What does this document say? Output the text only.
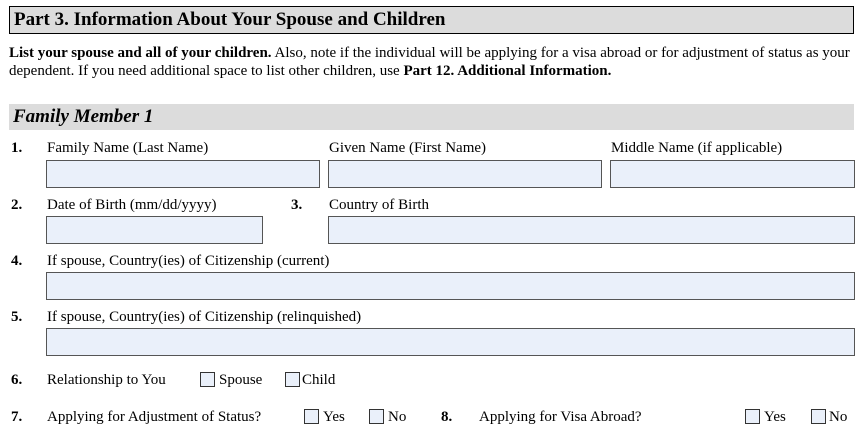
Part 3. Information About Your Spouse and Children
List your spouse and all of your children. Also, note if the individual will be applying for a visa abroad or for adjustment of status as your dependent. If you need additional space to list other children, use Part 12. Additional Information.
Family Member 1
1. Family Name (Last Name)	Given Name (First Name)	Middle Name (if applicable)
2. Date of Birth (mm/dd/yyyy)	3. Country of Birth
4. If spouse, Country(ies) of Citizenship (current)
5. If spouse, Country(ies) of Citizenship (relinquished)
6. Relationship to You	Spouse	Child
7. Applying for Adjustment of Status?	Yes	No 8. Applying for Visa Abroad?	Yes	No
